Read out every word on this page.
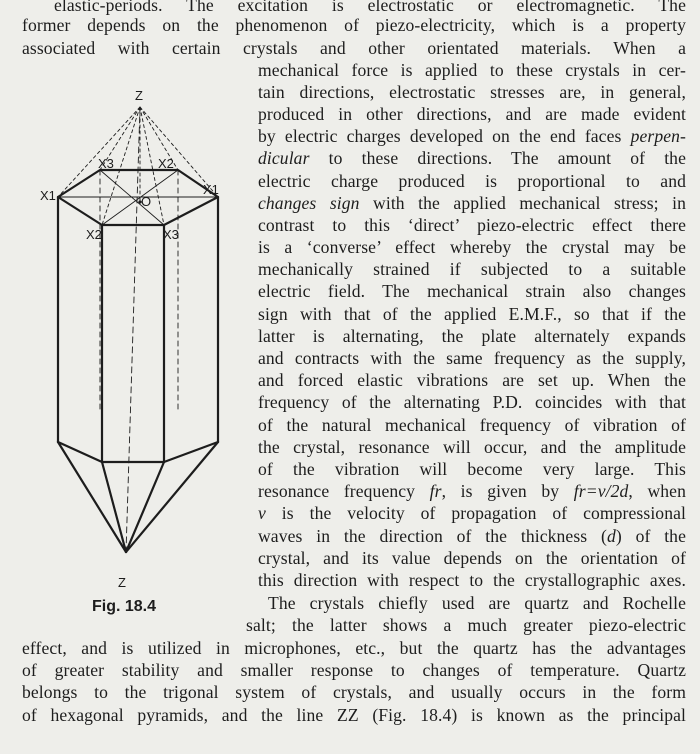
elastic-periods. The excitation is electrostatic or electromagnetic. The
former depends on the phenomenon of piezo-electricity, which is a property
associated with certain crystals and other orientated materials. When a
mechanical force is applied to these crystals in cer-
tain directions, electrostatic stresses are, in general,
produced in other directions, and are made evident
by electric charges developed on the end faces perpen-
dicular to these directions. The amount of the
electric charge produced is proportional to and
changes sign with the applied mechanical stress; in
contrast to this ‘direct’ piezo-electric effect there
is a ‘converse’ effect whereby the crystal may be
mechanically strained if subjected to a suitable
electric field. The mechanical strain also changes
sign with that of the applied E.M.F., so that if the
latter is alternating, the plate alternately expands
and contracts with the same frequency as the supply,
and forced elastic vibrations are set up. When the
frequency of the alternating P.D. coincides with that
of the natural mechanical frequency of vibration of
the crystal, resonance will occur, and the amplitude
of the vibration will become very large. This
resonance frequency fr, is given by fr=v/2d, when
v is the velocity of propagation of compressional
waves in the direction of the thickness (d) of the
crystal, and its value depends on the orientation of
this direction with respect to the crystallographic axes.
The crystals chiefly used are quartz and Rochelle
salt; the latter shows a much greater piezo-electric
effect, and is utilized in microphones, etc., but the quartz has the advantages
of greater stability and smaller response to changes of temperature. Quartz
belongs to the trigonal system of crystals, and usually occurs in the form
of hexagonal pyramids, and the line ZZ (Fig. 18.4) is known as the principal
Z
Z
O
X1	X1
X3	X2
X2	X3
Fig. 18.4
